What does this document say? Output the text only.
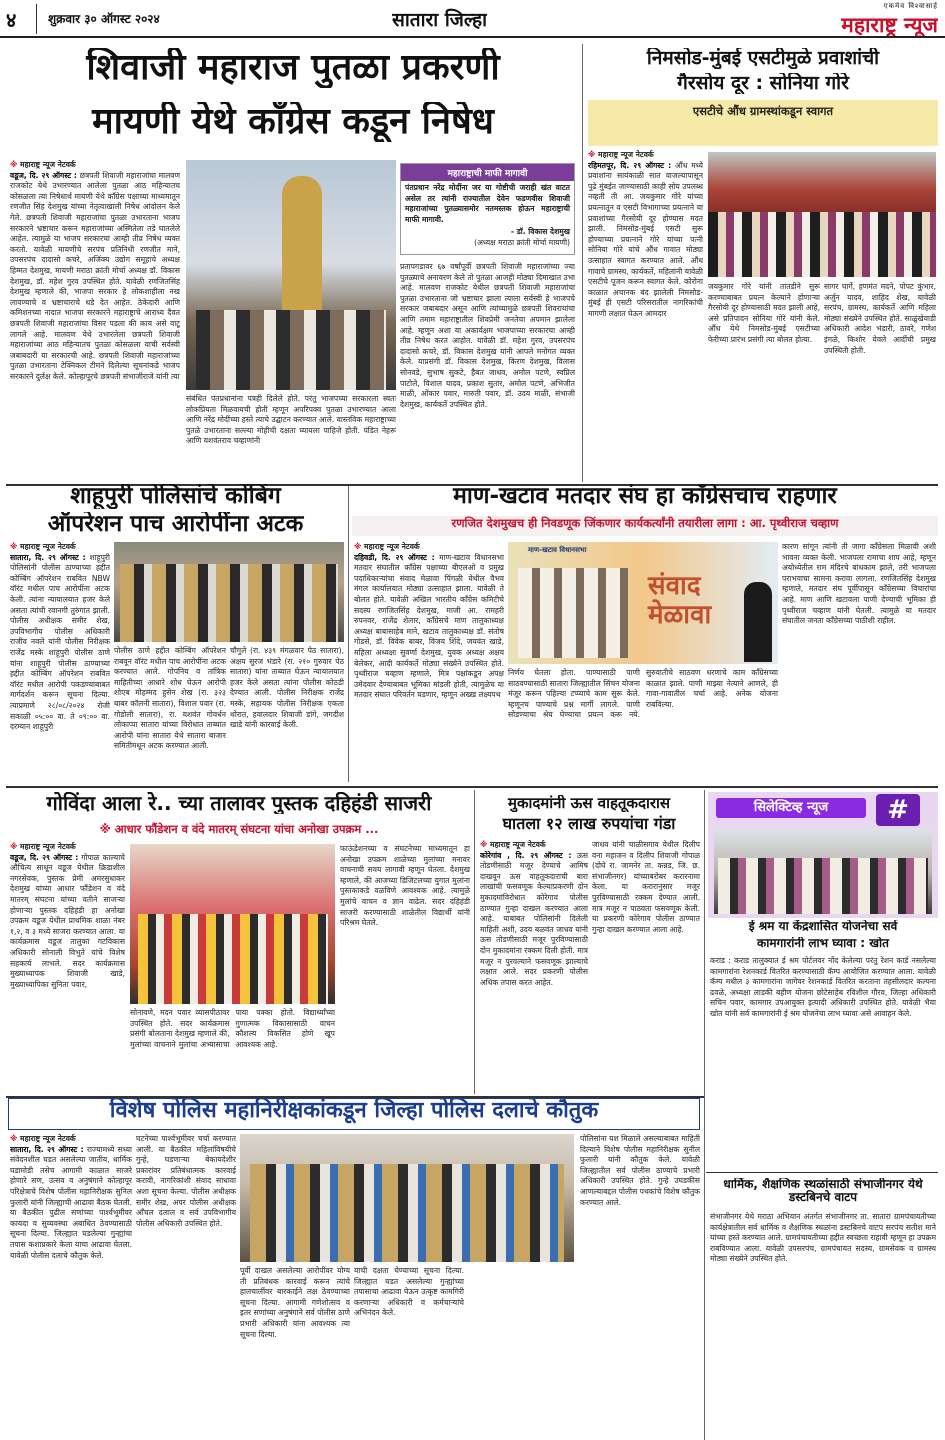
४	शुक्रवार ३० ऑगस्ट २०२४	सातारा जिल्हा
एकमेव विश्वासार्ह
महाराष्ट्र न्यूज
शिवाजी महाराज पुतळा प्रकरणी
मायणी येथे काँग्रेस कडून निषेध
※ महाराष्ट्र न्यूज नेटवर्क
वडूज, दि. २९ ऑगस्ट : छत्रपती शिवाजी महाराजांचा मालवण राजकोट येथे उभारण्यात आलेला पुतळा आठ महिन्यातच कोसळला त्या निषेधार्थ मायणी येथे काँग्रेस पक्षाच्या माध्यमातून रणजीत सिंह देशमुख यांच्या नेतृत्वाखाली निषेध आंदोलन केले गेले. छत्रपती शिवाजी महाराजांचा पुतळा उभारताना भाजप सरकारने भ्रष्टाचार करून महाराजांच्या अस्मितेला तडे घातलेले आहेत. त्यामुळे या भाजप सरकारचा आम्ही तीव्र निषेध व्यक्त करतो. यावेळी मायणीचे सरपंच प्रतिनिधी रणजीत माने, उपसरपंच दादासो कचरे, अजिंक्य उद्योग समूहाचे अध्यक्ष हिम्मत देशमुख, मायणी मराठा क्रांती मोर्चा अध्यक्ष डॉ. विकास देशमुख, डॉ. महेश गुरव उपस्थित होते. यावेळी रणजितसिंह देशमुख म्हणाले की, भाजपा सरकार हे लोकशाहीला नख लावण्याचे व भ्रष्टाचाराचे धडे देत आहेत. ठेकेदारी आणि कमिशनच्या नादात भाजपा सरकारने महाराष्ट्राचे आराध्य दैवत छत्रपती शिवाजी महाराजांचा विसर पडला की काय असे वाटू लागले आहे. मालवण येथे उभारलेला छत्रपती शिवाजी महाराजांच्या आठ महिन्यातच पुतळा कोसळला याची सर्वस्वी जबाबदारी या सरकारची आहे. छत्रपती शिवाजी महाराजांच्या पुतळा उभारताना टेक्निकल टीमने दिलेल्या सूचनांकडे भाजप सरकारने दुर्लक्ष केले. कोल्हापूरचे छत्रपती संभाजीराजे यांनी त्या
महाराष्ट्राची माफी मागावी
पंतप्रधान नरेंद्र मोदींना जर या गोष्टीची जराही खंत वाटत असेल तर त्यांनी राज्यातील देवेन फडणवीस शिवाजी महाराजांच्या पुतळ्यासमोर नतमस्तक होऊन महाराष्ट्राची माफी मागावी.
- डॉ. विकास देशमुख
(अध्यक्ष मराठा क्रांती मोर्चा मायणी)
प्रतापगडावर ६७ वर्षांपूर्वी छत्रपती शिवाजी महाराजांच्या ज्या पुतळ्याचे अनावरण केले तो पुतळा आजही मोठ्या दिमाखात उभा आहे. मालवण राजकोट येथील छत्रपती शिवाजी महाराजांचा पुतळा उभारताना जो भ्रष्टाचार झाला त्याला सर्वस्वी हे भाजपचे सरकार जबाबदार असून आणि त्यांच्यामुळे छत्रपती शिवरायांचा आणि तमाम महाराष्ट्रातील शिवप्रेमी जनतेचा अपमान झालेला आहे. म्हणून अशा या अकार्यक्षम भाजपाच्या सरकारचा आम्ही तीव्र निषेध करत आहोत. यावेळी डॉ. महेश गुरव, उपसरपंच दादासो कचरे, डॉ. विकास देशमुख यांनी आपले मनोगत व्यक्त केले. याप्रसंगी डॉ. विकास देशमुख, किरण देशमुख, विलास सोनवडे, सुभाष सुकटे, हैबत जाधव, अमोल पटणे, स्वप्निल पाटोले, विशाल यादव, प्रकाश सुतार, अमोल पटणे, अभिजीत माळी, ओंकार पवार, मारुती पवार, डॉ. उदय माळी, संभाजी देशमुख, कार्यकर्ते उपस्थित होते.
संबंधित पंतप्रधानांना पत्रही दिलेले होते. परंतु भाजपच्या सरकारला स्वतः लोकप्रियता मिळवायची होती म्हणून अपरिपक्व पुतळा उभारण्यात आला आणि नरेंद्र मोदींच्या हस्ते त्याचे उद्घाटन करण्यात आले. वास्तविक महाराष्ट्राच्या पुतळे उभारताना सल्ल्या मोहीची दक्षता घ्यायला पाहिजे होती. पंडित नेहरू आणि यशवंतराव चव्हाणांनी
निमसोड-मुंबई एसटीमुळे प्रवाशांची
गैरसोय दूर : सोनिया गोरे
एसटीचे औंध ग्रामस्थांकडून स्वागत
※ महाराष्ट्र न्यूज नेटवर्क
रहिमतपूर, दि. २९ ऑगस्ट : औंध मध्ये प्रवाशांना सायंकाळी सात वाजल्यापासून पुढे मुंबईत जाण्यासाठी काही सोय उपलब्ध नव्हती ती आ. जयकुमार गोरे यांच्या प्रयत्नातून व एसटी विभागाच्या प्रयत्नाने या प्रवाशांच्या गैरसोयी दूर होण्यास मदत झाली. निमसोड-मुंबई एसटी सुरू होण्याच्या प्रयत्नाने गोरे यांच्या पत्नी सोनिया गोरे यांचे औंध गावात मोठ्या उत्साहात स्वागत करण्यात आले. औंध गावाचे ग्रामस्थ, कार्यकर्ते, महिलांनी यावेळी एसटीचे पूजन करून स्वागत केले. कोरोना काळात अचानक बंद झालेली निमसोड-मुंबई ही एसटी परिसरातील नागरिकांची मागणी लक्षात घेऊन आमदार
जयकुमार गोरे यांनी तातडीने सुरू करण्याबाबत प्रयत्न केल्याने होणाऱ्या गैरसोयी दूर होण्यासाठी मदत झाली आहे, असे प्रतिपादन सोनिया गोरे यांनी केले. औंध येथे निमसोड-मुंबई एसटीच्या फेरीच्या प्रारंभ प्रसंगी त्या बोलत होत्या.
सागर घार्गे, हणमंत मदने, पोपट कुंभार, अर्जुन यादव, शाहिद शेख, यावेळी सरपंच, ग्रामस्थ, कार्यकर्ते आणि महिला मोठ्या संख्येने उपस्थित होते. साळुंखेवाडी अधिकारी आदेश भंडारी, ठावरे, गणेश इंगळे, किशोर येवले आदींची प्रमुख उपस्थिती होती.
शाहूपुरी पोलिसांचे कोंबिंग
ऑपरेशन पाच आरोपींना अटक
※ महाराष्ट्र न्यूज नेटवर्क
सातारा, दि. २९ ऑगस्ट : शाहूपुरी पोलिसांनी पोलीस ठाण्याच्या हद्दीत कोम्बिंग ऑपरेशन राबवित NBW वॉरंट मधील पाच आरोपींना अटक केली. त्यांना न्यायालयात हजर केले असता त्यांची रवानगी तुरुंगात झाली. पोलीस अधीक्षक समीर शेख, उपविभागीय पोलीस अधिकारी राजीव नवले यांनी पोलीस निरीक्षक राजेंद्र मस्के शाहूपुरी पोलीस ठाणे यांना शाहूपुरी पोलीस ठाण्याच्या हद्दीत कोम्बिंग ऑपरेशन राबवित वॉरंट मधील आरोपी पकडण्याबाबत मार्गदर्शन करून सूचना दिल्या. त्याप्रमाणे २८/०८/२०२४ रोजी सकाळी ०५:०० वा. ते ०९:०० वा. दरम्यान शाहूपुरी
पोलीस ठाणे हद्दीत कोम्बिंग ऑपरेशन राबवून वॉरंट मधील पाच आरोपींना अटक करण्यात आले. गोपनिय व तांत्रिक माहितीच्या आधारे शोध घेऊन आरोपी शोएब मोहम्मद हुसेन शेख (रा. ३२३ बाबर कॉलनी सातारा), विशाल पवार (रा. गोडोली सातारा), रा. यशवंत गोवर्धन लोकाप्पा सातारा यांच्या विरोधात ताब्यात आरोपी यांना सातारा येथे सातारा बाजार समितीमधून अटक करण्यात आली.
चौगुले (रा. ४३९ मंगळवार पेठ सातारा), अक्षय सुरज भंडारे (रा. २१० गुरुवार पेठ सातारा) यांना ताब्यात घेऊन न्यायालयात हजर केले असता त्यांना पोलीस कोठडी देण्यात आली. पोलीस निरीक्षक राजेंद्र मस्के, सहायक पोलीस निरीक्षक एकता थोरात, हवालदार शिवाजी डांगे, जगदीश खाडे यांनी कारवाई केली.
माण-खटाव मतदार संघ हा काँग्रेसचाच राहणार
रणजित देशमुखच ही निवडणूक जिंकणार कार्यकर्त्यांनी तयारीला लागा : आ. पृथ्वीराज चव्हाण
※ महाराष्ट्र न्यूज नेटवर्क
दहिवडी, दि. २९ ऑगस्ट : माण-खटाव विधानसभा मतदार संघातील काँग्रेस पक्षाच्या बीएलओ व प्रमुख पदाधिकाऱ्यांचा संवाद मेळावा पिंगळी येथील वैभव मंगल कार्यालयात मोठ्या उत्साहात झाला. यावेळी ते बोलत होते. यावेळी अखिल भारतीय काँग्रेस कमिटीचे सदस्य रणजितसिंह देशमुख, माजी आ. रामहरी रुपनवर, राजेंद्र शेलार, काँग्रेसचे माण तालुकाध्यक्ष अध्यक्ष बाबासाहेब माने, खटाव तालुकाध्यक्ष डॉ. संतोष गोडसे, डॉ. विवेक बाबर, विजय शिंदे, जयवंत खाडे, महिला अध्यक्षा सुवर्णा देशमुख, युवक अध्यक्ष अक्षय बेलेकर, आदी कार्यकर्ते मोठ्या संख्येने उपस्थित होते. पृथ्वीराज चव्हाण म्हणाले, मित्र पक्षांकडून अपक्ष उमेदवार देण्याबाबत भूमिका मांडली होती, त्यामुळेच या मतदार संघात परिवर्तन घडणार, म्हणून अख्ख लक्ष्यपथ
माण-खटाव विधानसभा
संवाद मेळावा
निर्णय घेतला होता. पाण्यासाठी पाणी साठवण्यासाठी सातारा जिल्ह्यातील सिंचन योजना मंजूर करून पहिल्या टप्प्याचे काम सुरू केले. म्हणूनच पाण्याचे प्रश्न मार्गी लागले. पाणी सोडण्याचा श्रेय घेण्याचा प्रयत्न करू नये. सुरुवातीचे साठवण धरणाचे काम काँग्रेसच्या काळात झाले. पाणी माझ्या नेत्याने आणले, ही गावा-गावातील चर्चा आहे. अनेक योजना राबविल्या.
कारण सांगून त्यांनी ती जागा काँग्रेसला मिळावी अशी भावना व्यक्त केली. भाजपला रामाचा शाप आहे, म्हणून अयोध्येतील राम मंदिरचे बांधकाम झाले, तरी भाजपला पराभवाचा सामना करावा लागला. रणजितसिंह देशमुख म्हणाले, मतदार संघ पूर्वीपासून काँग्रेसच्या विचारांचा आहे. माण आणि खटावला पाणी देण्याची भूमिका ही पृथ्वीराज चव्हाण यांनी घेतली. त्यामुळे या मतदार संघातील जनता काँग्रेसच्या पाठीशी राहील.
गोविंदा आला रे.. च्या तालावर पुस्तक दहिहंडी साजरी
※ आधार फौंडेशन व वंदे मातरम् संघटना यांचा अनोखा उपक्रम ...
※ महाराष्ट्र न्यूज नेटवर्क
वडूज, दि. २९ ऑगस्ट : गोपाळ काल्याचे औचित्य साधून वडूज येथील क्रिडाशील नगरसेवक, पुस्तक प्रेमी अमरसुधाकर देशमुख यांच्या आधार फौंडेशन व वंदे मातरम् संघटना यांच्या वतीने साजऱ्या होणाऱ्या पुस्तक दहिहंडी हा अनोखा उपक्रम वडूज येथील प्राथमिक शाळा नंबर १,२, व ३ मध्ये साजरा करण्यात आला. या कार्यक्रमास वडूज तालुका गटविकास अधिकारी सोनाली विभुते यांचे विशेष सहकार्य लाभले. सदर कार्यक्रमास मुख्याध्यापक शिवाजी खाडे, मुख्याध्यापिका सुनिता पवार,
फाऊंडेशनच्या व संघटनेच्या माध्यमातून हा अनोखा उपक्रम शाळेच्या मुलांच्या मनावर वाचनाची सवय लागावी म्हणून घेतला. देशमुख म्हणाले, की आजच्या डिजिटलच्या युगात मुलांना पुस्तकाकडे वळविणे आवश्यक आहे. त्यामुळे मुलांचे वाचन व ज्ञान वाढेल. सदर दहिहंडी साजरी करण्यासाठी शाळेतील विद्यार्थी यांनी परिश्रम घेतले.
सोनावणे, मदन पवार व्यासपीठावर उपस्थित होते. सदर कार्यक्रमास प्रसंगी बोलताना देशमुख म्हणाले की, मुलांच्या वाचनाने मुलांचा अभ्यासाचा पाया पक्का होतो. विद्यार्थ्यांच्या गुणात्मक विकासासाठी वाचन कौशल्य विकसित होणे खूप आवश्यक आहे.
मुकादमांनी ऊस वाहतूकदारास
घातला १२ लाख रुपयांचा गंडा
※ महाराष्ट्र न्यूज नेटवर्क
कोरेगांव , दि. २९ ऑगस्ट : ऊस तोडणीसाठी मजूर देण्याचे आमिष दाखवून ऊस वाहतूकदाराची बारा लाखांची फसवणूक केल्याप्रकरणी दोन मुकादमांविरोधात कोरेगाव पोलीस ठाण्यात गुन्हा दाखल करण्यात आला आहे. याबाबत पोलिसांनी दिलेली माहिती अशी, उदय बळवंत जाधव यांनी ऊस तोडणीसाठी मजूर पुरविण्यासाठी दोन मुकादमांना रक्कम दिली होती. मात्र मजूर न पुरवल्याने फसवणूक झाल्याचे लक्षात आले. सदर प्रकरणी पोलीस अधिक तपास करत आहेत.
जाधव यांनी चाळीसगाव येथील दिलीप वना महाजन व दिलीप शिवाजी गोपाळ (दोघे रा. जामनेर ता. कन्नड, जि. छ. संभाजीनगर) यांच्याबरोबर करारनामा केला. या करारानुसार मजूर पुरविण्यासाठी रक्कम देण्यात आली. मात्र मजूर न पाठवता फसवणूक केली. या प्रकरणी कोरेगाव पोलीस ठाण्यात गुन्हा दाखल करण्यात आला आहे.
सिलेक्टिव्ह न्यूज	#
ई श्रम या केंद्रशासित योजनेचा सर्व
कामगारांनी लाभ घ्यावा : खोत
कराड : कराड तालुक्यात ई श्रम पोर्टलवर नोंद केलेल्या परंतु रेशन कार्ड नसलेल्या कामगारांना रेशनकार्ड वितरित करण्यासाठी कॅम्प आयोजित करण्यात आला. यावेळी कॅम्प मधील ३ कामगारांना जागेवर रेशनकार्ड वितरित करताना तहसीलदार कल्पना ढवळे, अध्यक्षा लाडकी बहीण योजना छोटेसाहेब रविशील गौरव, जिल्हा अधिकारी सचिन पवार, कामगार उपआयुक्त इत्यादी अधिकारी उपस्थित होते. यावेळी भैया खोत यांनी सर्व कामगारांनी ई श्रम योजनेचा लाभ घ्यावा असे आवाहन केले.
धार्मिक, शैक्षणिक स्थळांसाठी संभाजीनगर येथे डस्टबिनचे वाटप
संभाजीनगर येथे मराठा अभियान अंतर्गत संभाजीनगर ता. सातारा ग्रामपंचायतीच्या कार्यक्षेत्रातील सर्व धार्मिक व शैक्षणिक स्थळांना डस्टबिनचे वाटप सरपंच सतीश माने यांच्या हस्ते करण्यात आले. ग्रामपंचायतीच्या हद्दीत स्वच्छता राहावी म्हणून हा उपक्रम राबविण्यात आला. यावेळी उपसरपंच, ग्रामपंचायत सदस्य, ग्रामसेवक व ग्रामस्थ मोठ्या संख्येने उपस्थित होते.
विशेष पोलिस महानिरीक्षकांकडून जिल्हा पोलिस दलाचे कौतुक
※ महाराष्ट्र न्यूज नेटवर्क
सातारा, दि. २९ ऑगस्ट : राज्यामध्ये सध्या संवेदनशील घडत असलेल्या जातीय, धार्मिक घडामोडी तसेच आगामी काळात साजरे होणारे सण, उत्सव व अनुषंगाने कोल्हापूर परिक्षेत्राचे विशेष पोलीस महानिरीक्षक सुनिल फुलारी यांनी जिल्ह्याची आढावा बैठक घेतली. या बैठकीत पुढील सणांच्या पार्श्वभूमीवर कायदा व सुव्यवस्था अबाधित ठेवण्यासाठी सूचना दिल्या. जिल्ह्यात घडलेल्या गुन्ह्यांचा तपास कशाप्रकारे केला याचा आढावा घेतला. यावेळी पोलीस दलाचे कौतुक केले.
घटनेच्या पार्श्वभूमीवर चर्चा करण्यात आली. या बैठकीत महिलांविषयीचे गुन्हे, घडणाऱ्या बेकायदेशीर प्रकारांवर प्रतिबंधात्मक कारवाई करावी, नागरिकांशी संवाद साधावा अशा सूचना केल्या. पोलीस अधीक्षक समीर शेख, अपर पोलीस अधीक्षक आँचल दलाल व सर्व उपविभागीय पोलीस अधिकारी उपस्थित होते.
पूर्वी दाखल असलेल्या आरोपींवर योग्य ती प्रतिबंधक कारवाई करून त्यांचे हालचालींवर बारकाईने लक्ष ठेवण्याच्या सूचना दिल्या. आगामी गणेशोत्सव व इतर सणांच्या अनुषंगाने सर्व पोलीस ठाणे प्रभारी अधिकारी यांना आवश्यक त्या सूचना दिल्या.
याची दक्षता घेण्याच्या सूचना दिल्या. जिल्ह्यात घडत असलेल्या गुन्ह्यांच्या तपासाचा आढावा घेऊन उत्कृष्ट कामगिरी करणाऱ्या अधिकारी व कर्मचाऱ्यांचे अभिनंदन केले.
पोलिसांना यश मिळाले असल्याबाबत माहिती दिल्याने विशेष पोलीस महानिरीक्षक सुनील फुलारी यांनी कौतुक केले. यावेळी जिल्ह्यातील सर्व पोलीस ठाण्याचे प्रभारी अधिकारी उपस्थित होते. गुन्हे उघडकीस आणल्याबद्दल पोलीस पथकांचे विशेष कौतुक करण्यात आले.
